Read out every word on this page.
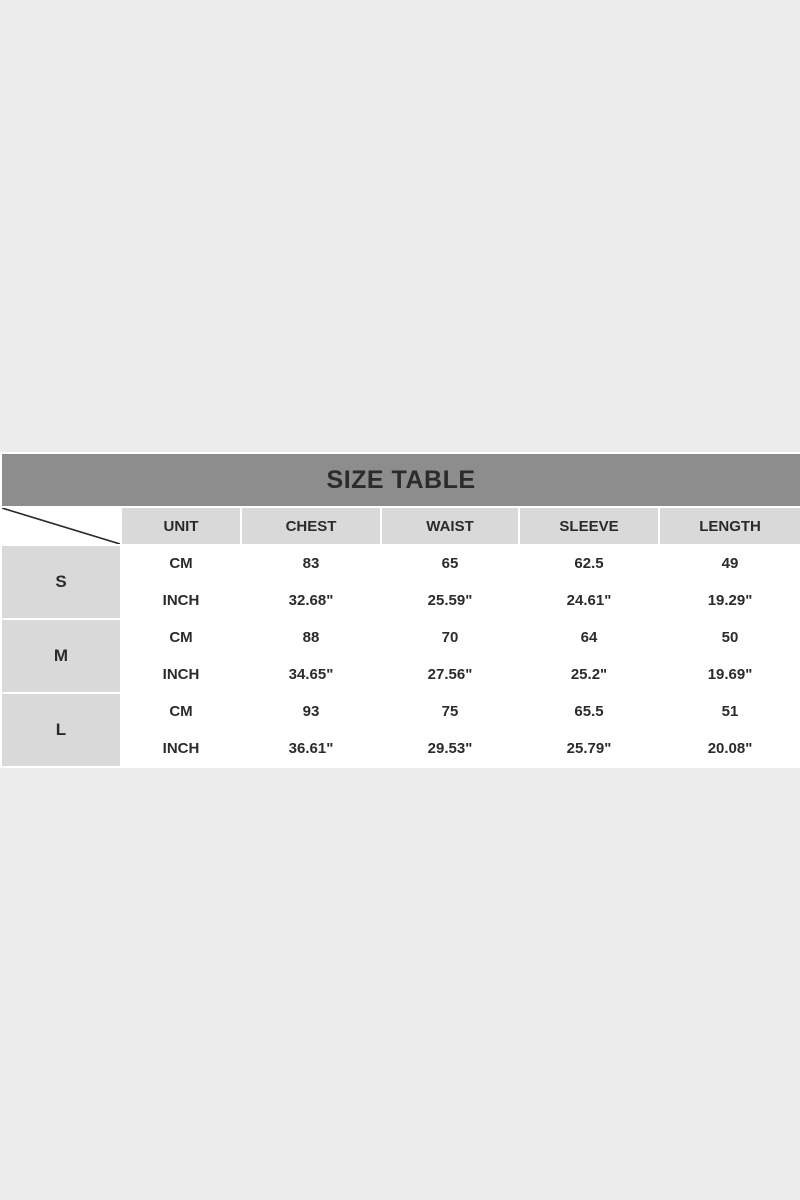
SIZE TABLE					

	UNIT	CHEST	WAIST	SLEEVE	LENGTH
S	CM	83	65	62.5	49
	INCH	32.68"	25.59"	24.61"	19.29"
M	CM	88	70	64	50
	INCH	34.65"	27.56"	25.2"	19.69"
L	CM	93	75	65.5	51
	INCH	36.61"	29.53"	25.79"	20.08"
